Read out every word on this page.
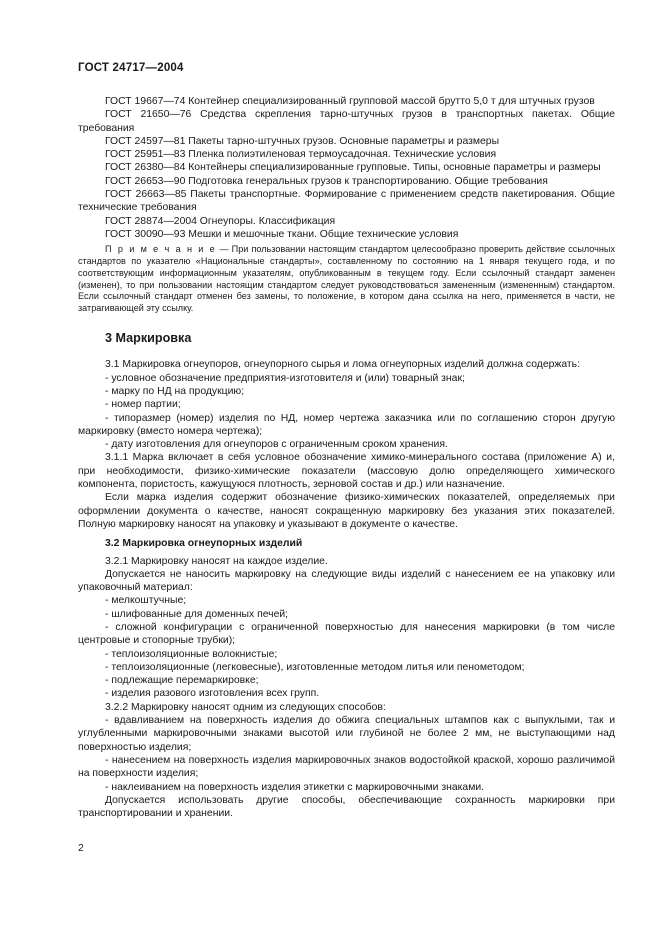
ГОСТ 24717—2004

ГОСТ 19667—74 Контейнер специализированный групповой массой брутто 5,0 т для штучных грузов

ГОСТ 21650—76 Средства скрепления тарно-штучных грузов в транспортных пакетах. Общие требования

ГОСТ 24597—81 Пакеты тарно-штучных грузов. Основные параметры и размеры

ГОСТ 25951—83 Пленка полиэтиленовая термоусадочная. Технические условия

ГОСТ 26380—84 Контейнеры специализированные групповые. Типы, основные параметры и размеры

ГОСТ 26653—90 Подготовка генеральных грузов к транспортированию. Общие требования

ГОСТ 26663—85 Пакеты транспортные. Формирование с применением средств пакетирования. Общие технические требования

ГОСТ 28874—2004 Огнеупоры. Классификация

ГОСТ 30090—93 Мешки и мешочные ткани. Общие технические условия

П р и м е ч а н и е — При пользовании настоящим стандартом целесообразно проверить действие ссылочных стандартов по указателю «Национальные стандарты», составленному по состоянию на 1 января текущего года, и по соответствующим информационным указателям, опубликованным в текущем году. Если ссылочный стандарт заменен (изменен), то при пользовании настоящим стандартом следует руководствоваться замененным (измененным) стандартом. Если ссылочный стандарт отменен без замены, то положение, в котором дана ссылка на него, применяется в части, не затрагивающей эту ссылку.

3 Маркировка

3.1 Маркировка огнеупоров, огнеупорного сырья и лома огнеупорных изделий должна содержать:

- условное обозначение предприятия-изготовителя и (или) товарный знак;

- марку по НД на продукцию;

- номер партии;

- типоразмер (номер) изделия по НД, номер чертежа заказчика или по соглашению сторон другую маркировку (вместо номера чертежа);

- дату изготовления для огнеупоров с ограниченным сроком хранения.

3.1.1 Марка включает в себя условное обозначение химико-минерального состава (приложение А) и, при необходимости, физико-химические показатели (массовую долю определяющего химического компонента, пористость, кажущуюся плотность, зерновой состав и др.) или назначение.

Если марка изделия содержит обозначение физико-химических показателей, определяемых при оформлении документа о качестве, наносят сокращенную маркировку без указания этих показателей. Полную маркировку наносят на упаковку и указывают в документе о качестве.

3.2 Маркировка огнеупорных изделий

3.2.1 Маркировку наносят на каждое изделие.

Допускается не наносить маркировку на следующие виды изделий с нанесением ее на упаковку или упаковочный материал:

- мелкоштучные;

- шлифованные для доменных печей;

- сложной конфигурации с ограниченной поверхностью для нанесения маркировки (в том числе центровые и стопорные трубки);

- теплоизоляционные волокнистые;

- теплоизоляционные (легковесные), изготовленные методом литья или пенометодом;

- подлежащие перемаркировке;

- изделия разового изготовления всех групп.

3.2.2 Маркировку наносят одним из следующих способов:

- вдавливанием на поверхность изделия до обжига специальных штампов как с выпуклыми, так и углубленными маркировочными знаками высотой или глубиной не более 2 мм, не выступающими над поверхностью изделия;

- нанесением на поверхность изделия маркировочных знаков водостойкой краской, хорошо различимой на поверхности изделия;

- наклеиванием на поверхность изделия этикетки с маркировочными знаками.

Допускается использовать другие способы, обеспечивающие сохранность маркировки при транспортировании и хранении.

2
